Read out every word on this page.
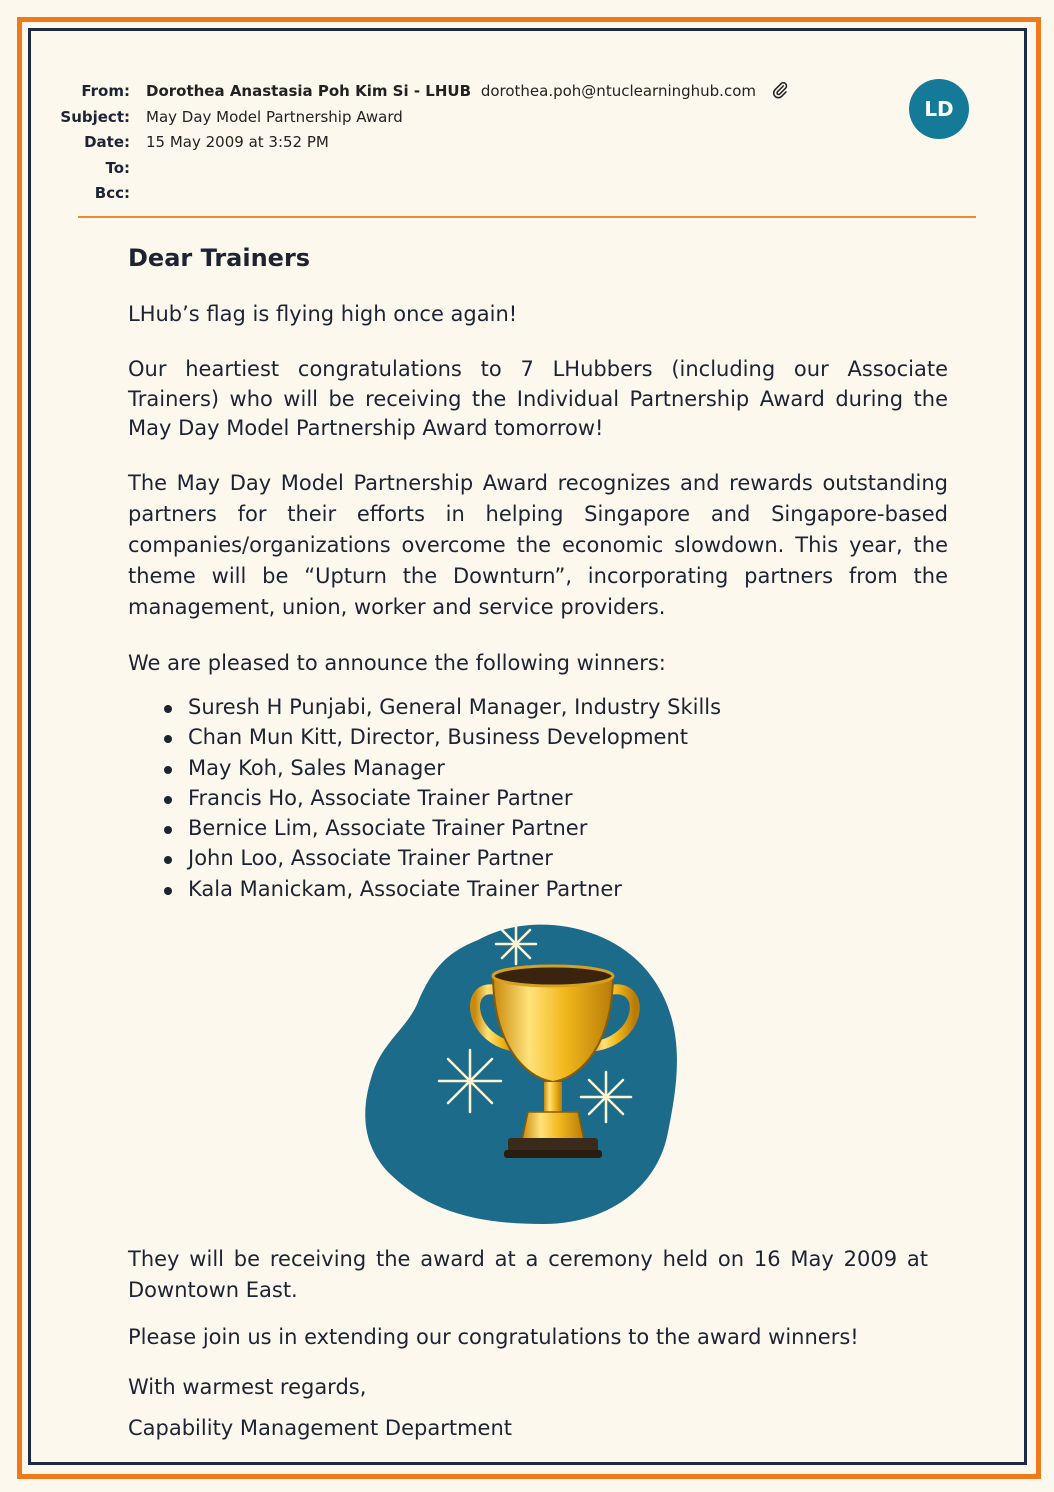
From: Dorothea Anastasia Poh Kim Si - LHUB dorothea.poh@ntuclearninghub.com
Subject: May Day Model Partnership Award
Date: 15 May 2009 at 3:52 PM
To:
Bcc:
LD

Dear Trainers

LHub’s flag is flying high once again!

Our heartiest congratulations to 7 LHubbers (including our Associate Trainers) who will be receiving the Individual Partnership Award during the May Day Model Partnership Award tomorrow!

The May Day Model Partnership Award recognizes and rewards outstanding partners for their efforts in helping Singapore and Singapore-based companies/organizations overcome the economic slowdown. This year, the theme will be “Upturn the Downturn”, incorporating partners from the management, union, worker and service providers.

We are pleased to announce the following winners:

Suresh H Punjabi, General Manager, Industry Skills
Chan Mun Kitt, Director, Business Development
May Koh, Sales Manager
Francis Ho, Associate Trainer Partner
Bernice Lim, Associate Trainer Partner
John Loo, Associate Trainer Partner
Kala Manickam, Associate Trainer Partner

They will be receiving the award at a ceremony held on 16 May 2009 at Downtown East.

Please join us in extending our congratulations to the award winners!

With warmest regards,

Capability Management Department
